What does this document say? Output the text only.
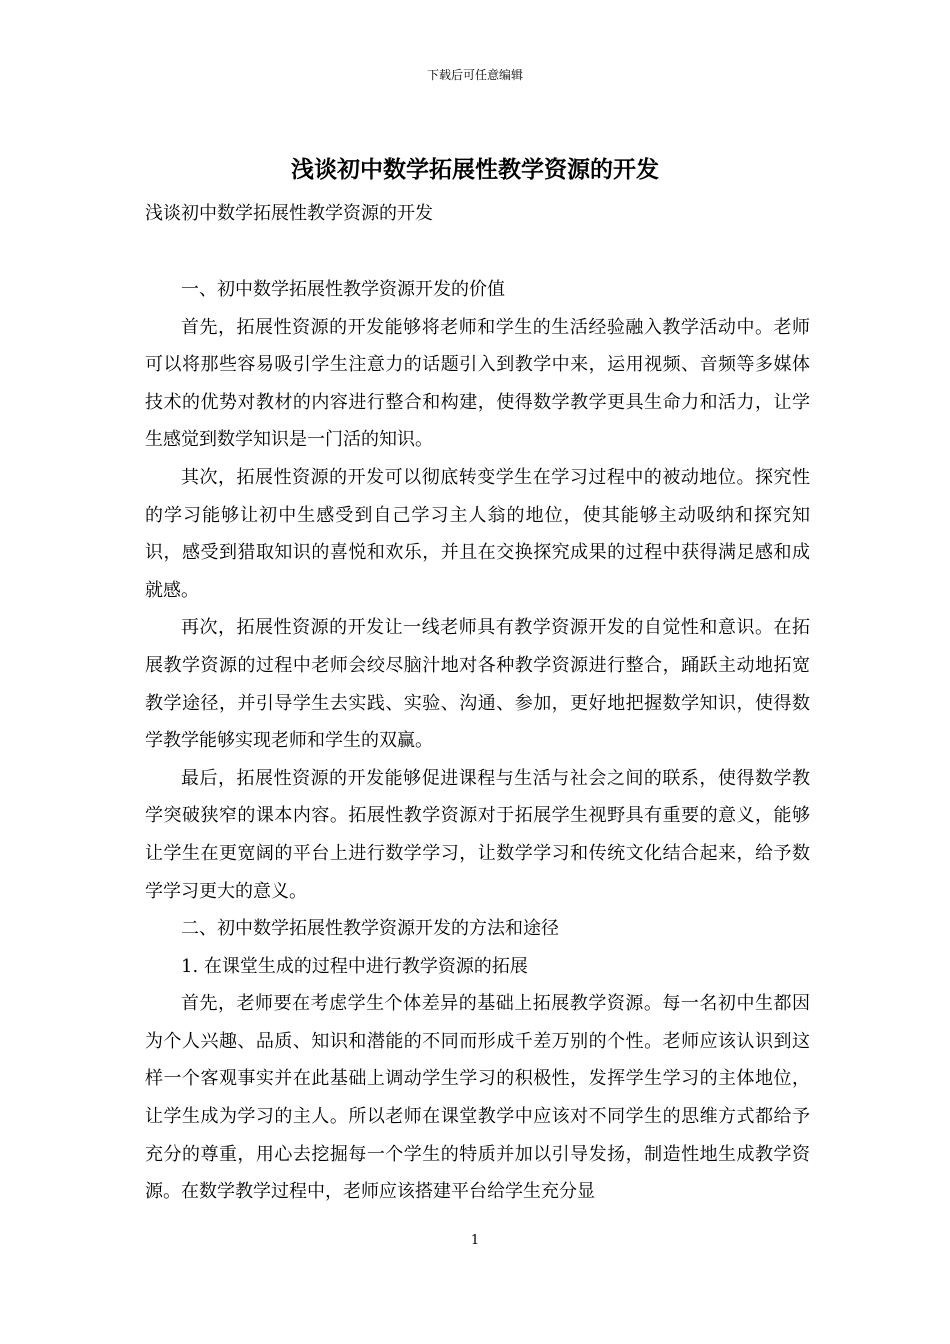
下载后可任意编辑
浅谈初中数学拓展性教学资源的开发
浅谈初中数学拓展性教学资源的开发

一、初中数学拓展性教学资源开发的价值

首先，拓展性资源的开发能够将老师和学生的生活经验融入教学活动中。老师可以将那些容易吸引学生注意力的话题引入到教学中来，运用视频、音频等多媒体技术的优势对教材的内容进行整合和构建，使得数学教学更具生命力和活力，让学生感觉到数学知识是一门活的知识。

其次，拓展性资源的开发可以彻底转变学生在学习过程中的被动地位。探究性的学习能够让初中生感受到自己学习主人翁的地位，使其能够主动吸纳和探究知识，感受到猎取知识的喜悦和欢乐，并且在交换探究成果的过程中获得满足感和成就感。

再次，拓展性资源的开发让一线老师具有教学资源开发的自觉性和意识。在拓展教学资源的过程中老师会绞尽脑汁地对各种教学资源进行整合，踊跃主动地拓宽教学途径，并引导学生去实践、实验、沟通、参加，更好地把握数学知识，使得数学教学能够实现老师和学生的双赢。

最后，拓展性资源的开发能够促进课程与生活与社会之间的联系，使得数学教学突破狭窄的课本内容。拓展性教学资源对于拓展学生视野具有重要的意义，能够让学生在更宽阔的平台上进行数学学习，让数学学习和传统文化结合起来，给予数学学习更大的意义。

二、初中数学拓展性教学资源开发的方法和途径

1. 在课堂生成的过程中进行教学资源的拓展

首先，老师要在考虑学生个体差异的基础上拓展教学资源。每一名初中生都因为个人兴趣、品质、知识和潜能的不同而形成千差万别的个性。老师应该认识到这样一个客观事实并在此基础上调动学生学习的积极性，发挥学生学习的主体地位，让学生成为学习的主人。所以老师在课堂教学中应该对不同学生的思维方式都给予充分的尊重，用心去挖掘每一个学生的特质并加以引导发扬，制造性地生成教学资源。在数学教学过程中，老师应该搭建平台给学生充分显

1
